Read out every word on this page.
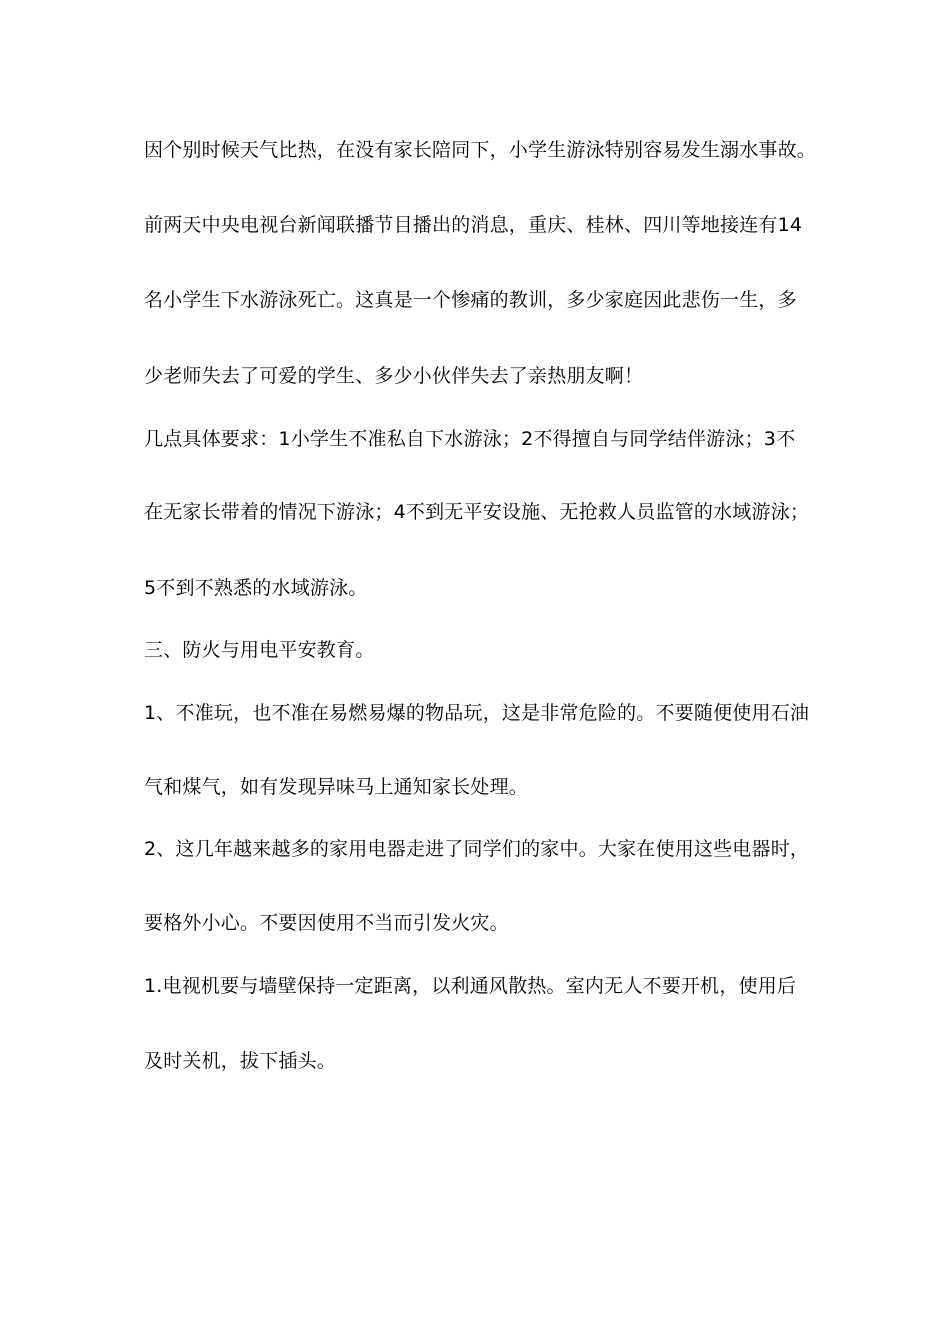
因个别时候天气比热，在没有家长陪同下，小学生游泳特别容易发生溺水事故。
前两天中央电视台新闻联播节目播出的消息，重庆、桂林、四川等地接连有14
名小学生下水游泳死亡。这真是一个惨痛的教训，多少家庭因此悲伤一生，多
少老师失去了可爱的学生、多少小伙伴失去了亲热朋友啊！
几点具体要求：1小学生不准私自下水游泳；2不得擅自与同学结伴游泳；3不
在无家长带着的情况下游泳；4不到无平安设施、无抢救人员监管的水域游泳；
5不到不熟悉的水域游泳。
三、防火与用电平安教育。
1、不准玩，也不准在易燃易爆的物品玩，这是非常危险的。不要随便使用石油
气和煤气，如有发现异味马上通知家长处理。
2、这几年越来越多的家用电器走进了同学们的家中。大家在使用这些电器时，
要格外小心。不要因使用不当而引发火灾。
1.电视机要与墙壁保持一定距离，以利通风散热。室内无人不要开机，使用后
及时关机，拔下插头。
